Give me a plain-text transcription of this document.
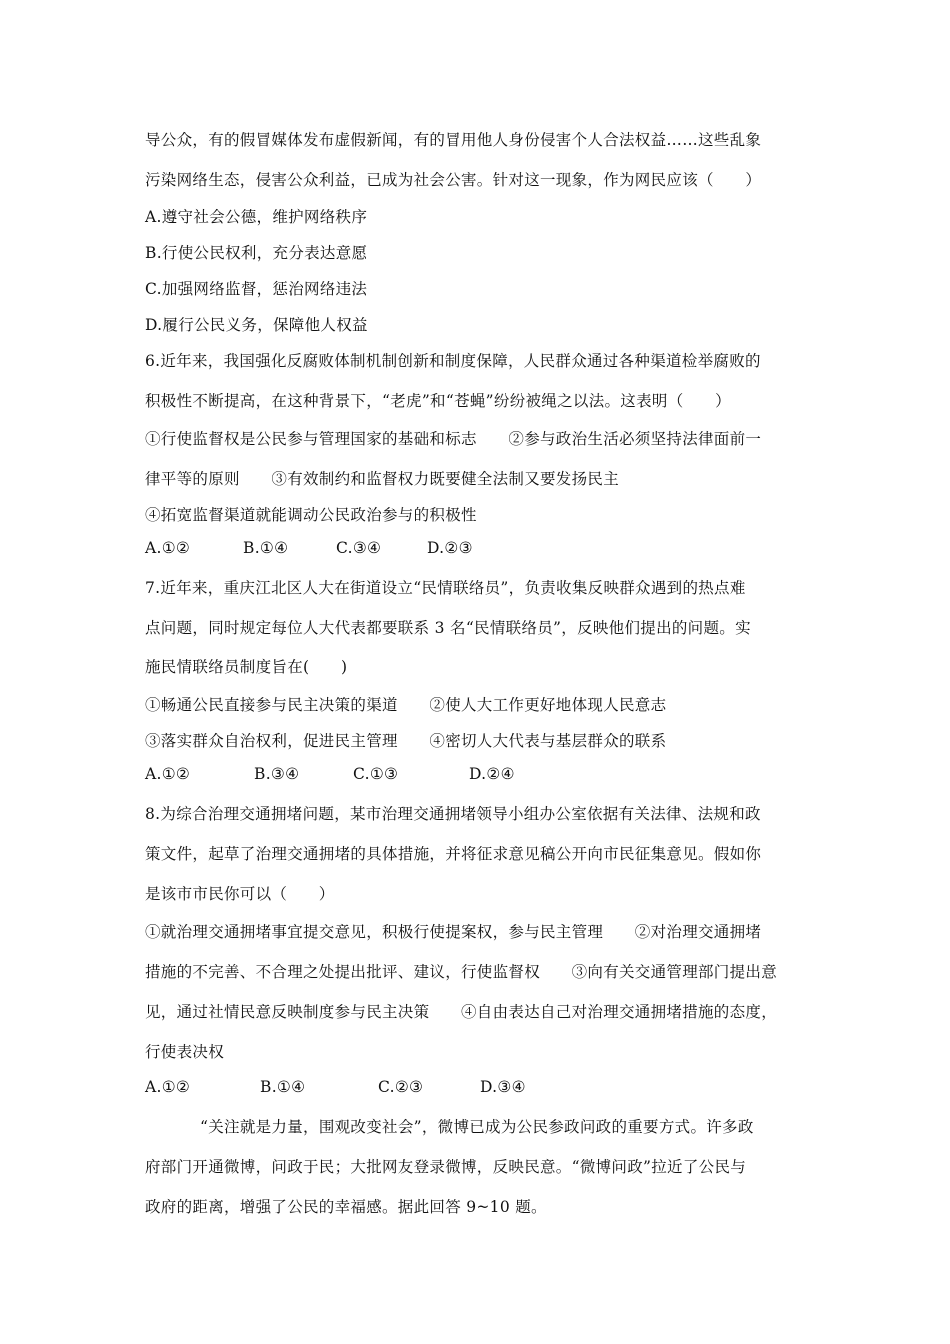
导公众，有的假冒媒体发布虚假新闻，有的冒用他人身份侵害个人合法权益……这些乱象
污染网络生态，侵害公众利益，已成为社会公害。针对这一现象，作为网民应该（　　）
A.遵守社会公德，维护网络秩序
B.行使公民权利，充分表达意愿
C.加强网络监督，惩治网络违法
D.履行公民义务，保障他人权益
6.近年来，我国强化反腐败体制机制创新和制度保障，人民群众通过各种渠道检举腐败的
积极性不断提高，在这种背景下，“老虎”和“苍蝇”纷纷被绳之以法。这表明（　　）
①行使监督权是公民参与管理国家的基础和标志　　②参与政治生活必须坚持法律面前一
律平等的原则　　③有效制约和监督权力既要健全法制又要发扬民主
④拓宽监督渠道就能调动公民政治参与的积极性
A.①②	B.①④	C.③④	D.②③
7.近年来，重庆江北区人大在街道设立“民情联络员”，负责收集反映群众遇到的热点难
点问题，同时规定每位人大代表都要联系 3 名“民情联络员”，反映他们提出的问题。实
施民情联络员制度旨在(　　)
①畅通公民直接参与民主决策的渠道　　②使人大工作更好地体现人民意志
③落实群众自治权利，促进民主管理　　④密切人大代表与基层群众的联系
A.①②	B.③④	C.①③	D.②④
8.为综合治理交通拥堵问题，某市治理交通拥堵领导小组办公室依据有关法律、法规和政
策文件，起草了治理交通拥堵的具体措施，并将征求意见稿公开向市民征集意见。假如你
是该市市民你可以（　　）
①就治理交通拥堵事宜提交意见，积极行使提案权，参与民主管理　　②对治理交通拥堵
措施的不完善、不合理之处提出批评、建议，行使监督权　　③向有关交通管理部门提出意
见，通过社情民意反映制度参与民主决策　　④自由表达自己对治理交通拥堵措施的态度，
行使表决权
A.①②	B.①④	C.②③	D.③④
“关注就是力量，围观改变社会”，微博已成为公民参政问政的重要方式。许多政
府部门开通微博，问政于民；大批网友登录微博，反映民意。“微博问政”拉近了公民与
政府的距离，增强了公民的幸福感。据此回答 9~10 题。
